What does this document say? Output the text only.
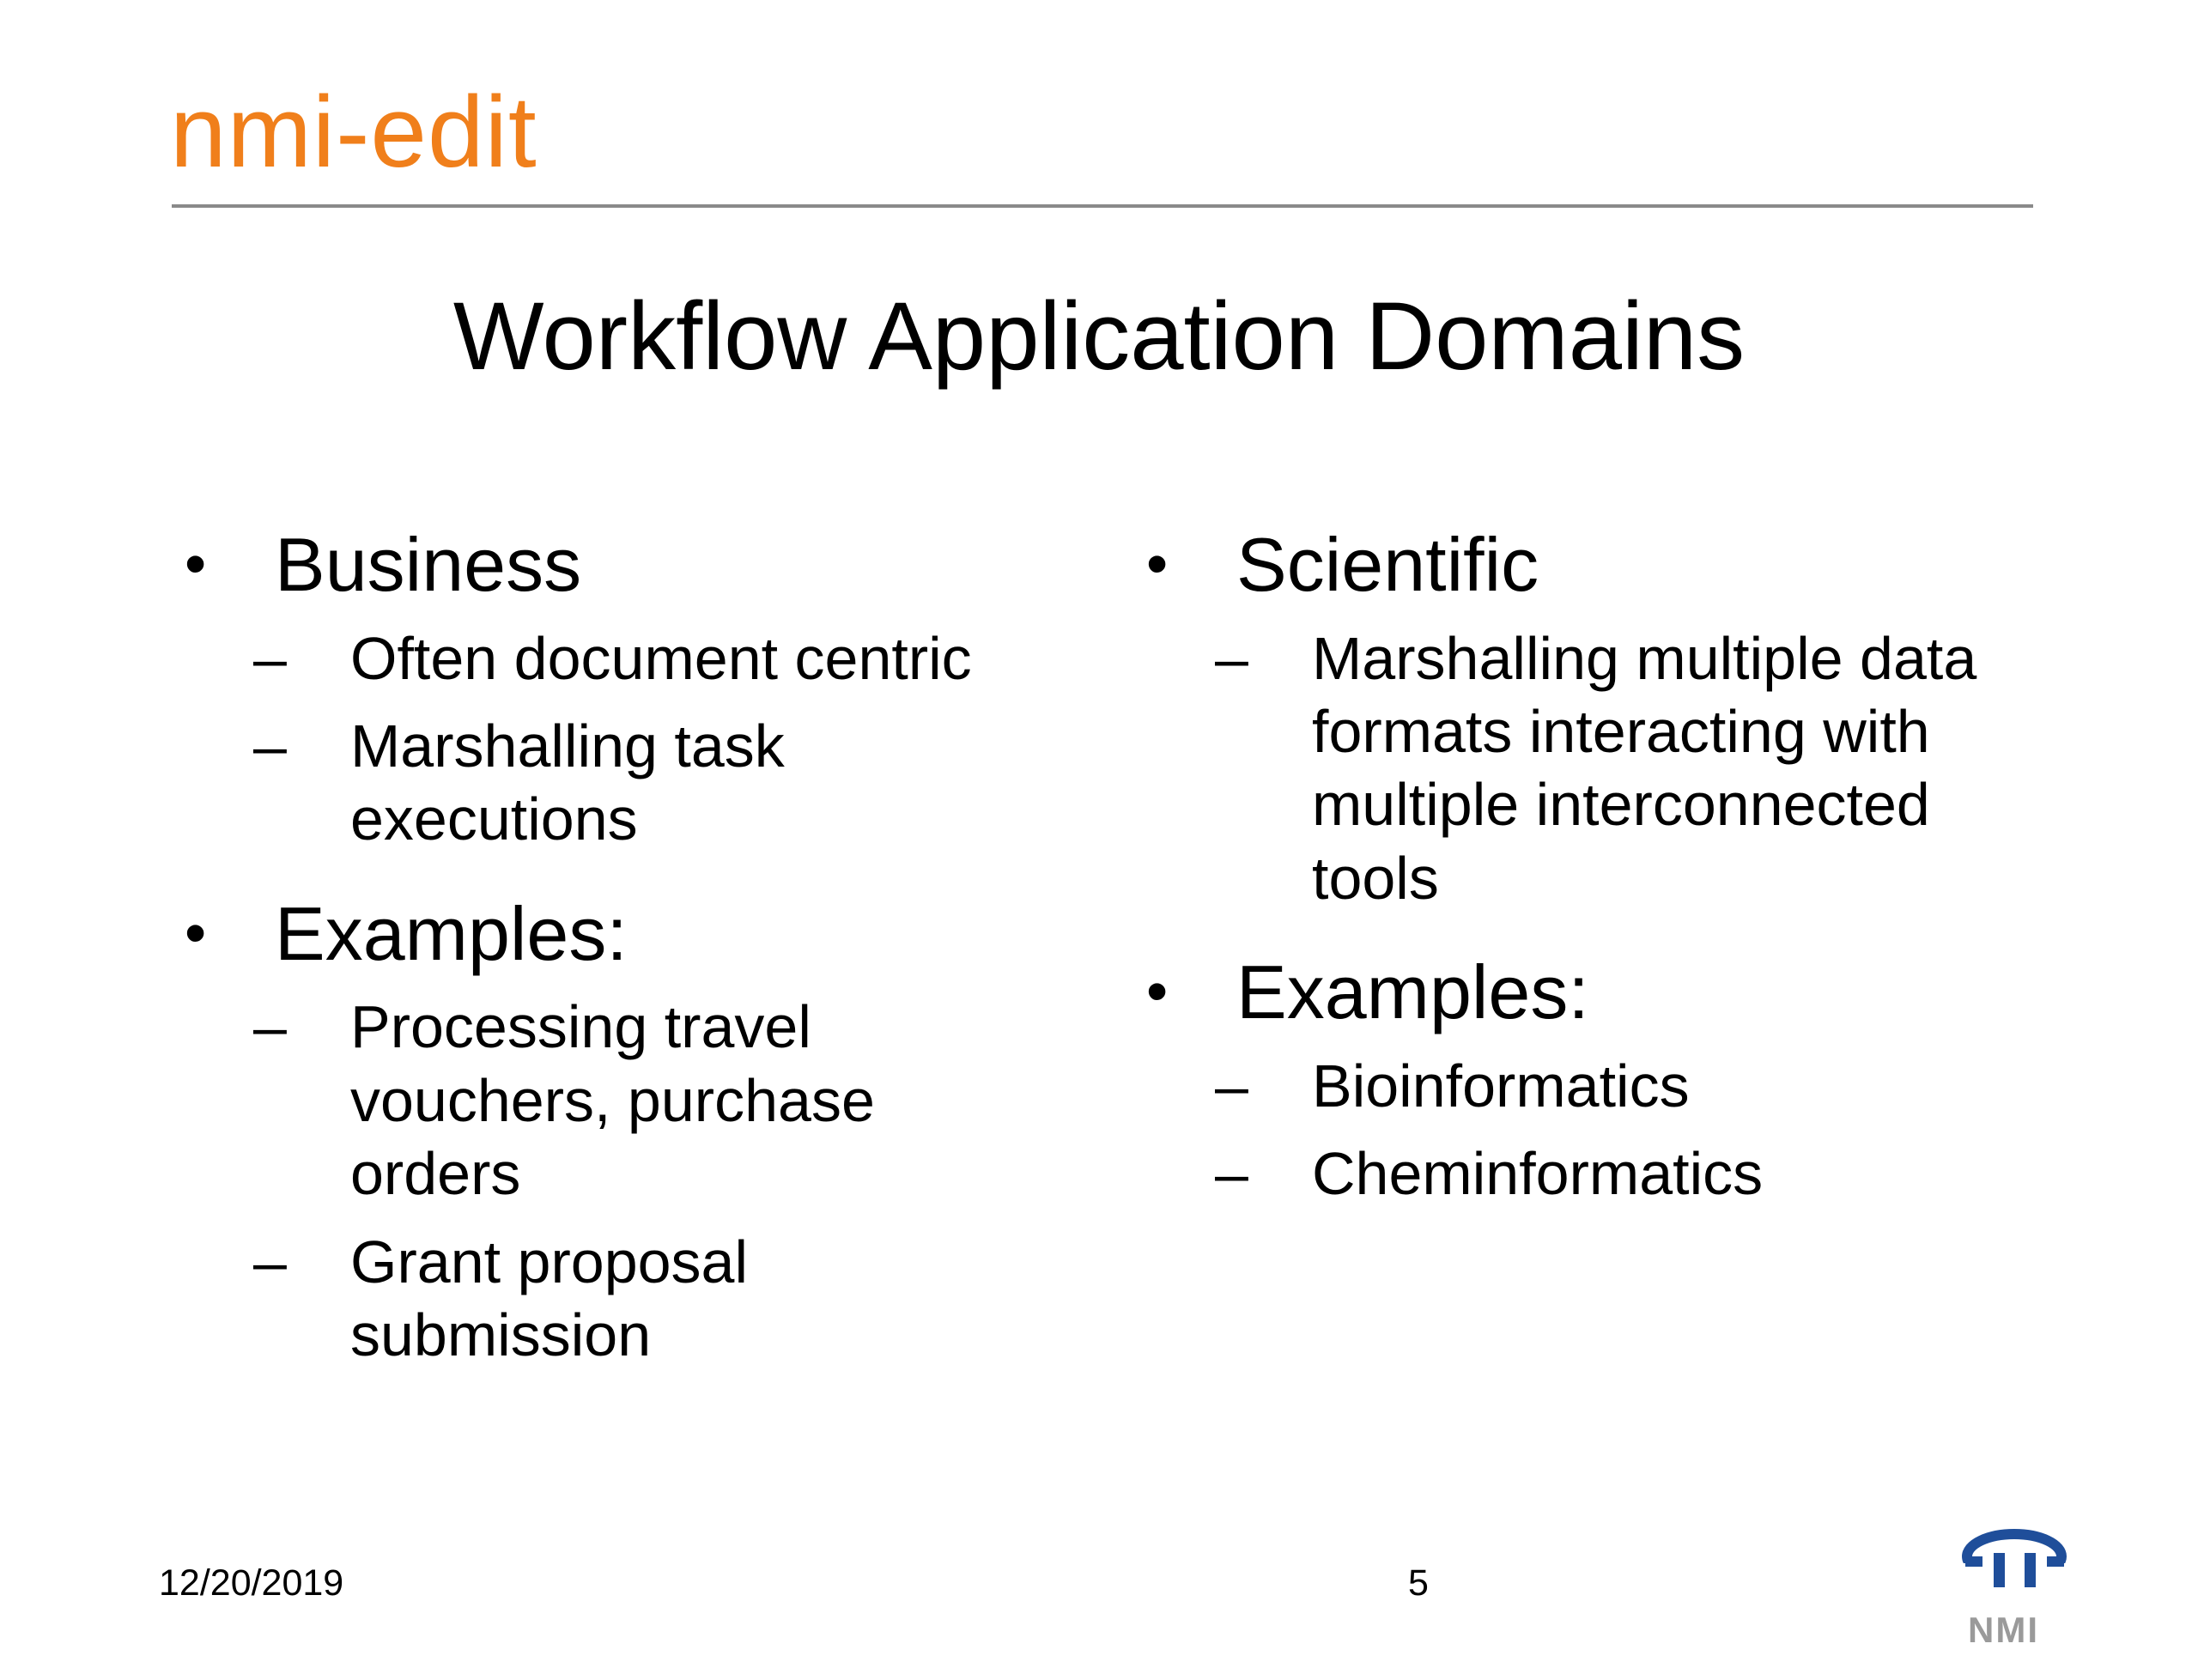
nmi-edit
Workflow Application Domains
• Business
–	Often document centric
–	Marshalling task executions
• Examples:
–	Processing travel vouchers, purchase orders
–	Grant proposal submission
• Scientific
–	Marshalling multiple data formats interacting with multiple interconnected tools
• Examples:
–	Bioinformatics
–	Cheminformatics
12/20/2019	5
NMI
